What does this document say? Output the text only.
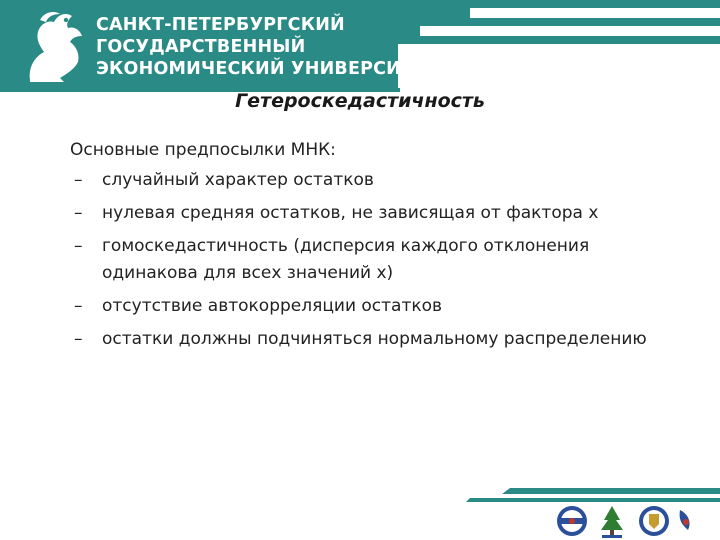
САНКТ-ПЕТЕРБУРГСКИЙ
ГОСУДАРСТВЕННЫЙ
ЭКОНОМИЧЕСКИЙ УНИВЕРСИТЕТ
Гетероскедастичность

Основные предпосылки МНК:

– случайный характер остатков
– нулевая средняя остатков, не зависящая от фактора х
– гомоскедастичность (дисперсия каждого отклонения одинакова для всех значений х)
– отсутствие автокорреляции остатков
– остатки должны подчиняться нормальному распределению
